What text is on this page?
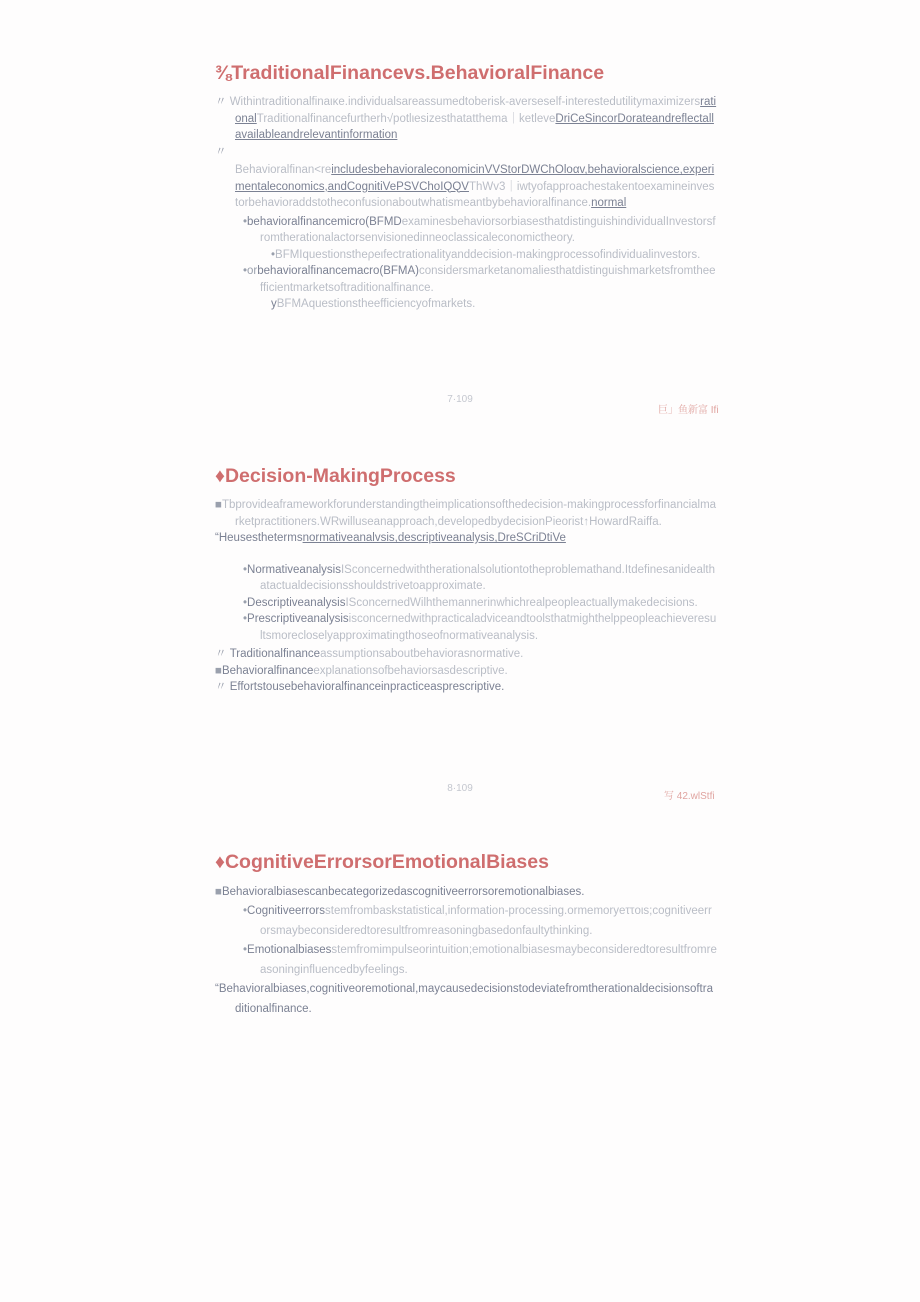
⅜TraditionalFinancevs.BehavioralFinance

〃 Withintraditionalfinaικe.individualsareassumedtoberisk-averseself-interestedutilitymaximizersrationalTraditionalfinancefurtherh√potlιesizesthatatthema｜ketleveDriCeSincorDorateandreflectallavailableandrelevantinformation

〃

Behavioralfinan<reincludesbehavioraleconomicinVVStorDWChOloαv,behavioralscience,experimentaleconomics,andCognitiVePSVChoIQQVThWv3｜iwtyofapproachestakentoexamineinvestorbehavioraddstotheconfusionaboutwhatismeantbybehavioralfinance.normal

•behavioralfinancemicro(BFMDexaminesbehaviorsorbiasesthatdistinguishindividualInvestorsfromtherationalactorsenvisionedinneoclassicaleconomictheory.

•BFMIquestionstheρeιfectrationalityanddecision-makingprocessofindividualinvestors.

•orbehavioralfinancemacro(BFMA)considersmarketanomaliesthatdistinguishmarketsfromtheefficientmarketsoftraditionalfinance.

yBFMAquestionstheefficiencyofmarkets.

7·109
巨」鱼新富 Ifi
♦Decision-MakingProcess

■Tbprovideaframeworkforunderstandingtheimplicationsofthedecision-makingprocessforfinancialmarketpractitioners.WRwilluseanapproach,developedbydecisionPieorist↑HowardRaiffa.

“Heusesthetermsnormativeanalvsis,descriptiveanalysis,DreSCriDtiVe

•NormativeanalysisISconcernedwiththerationalsolutiontotheproblemathand.Itdefinesanidealthatactualdecisionsshouldstrivetoapproximate.

•DescriptiveanalysisISconcernedWilhthemannerinwhichrealpeopleactuallymakedecisions.

•Prescriptiveanalysisisconcernedwithpracticaladviceandtoolsthatmighthelppeopleachieveresultsmorecloselyapproximatingthoseofnormativeanalysis.

〃 Traditionalfinanceassumptionsaboutbehaviorasnormative.

■Behavioralfinanceexplanationsofbehaviorsasdescriptive.

〃 Effortstousebehavioralfinanceinpracticeasprescriptive.

8·109
写 42.wlStfi
♦CognitiveErrorsorEmotionalBiases

■Behavioralbiasescanbecategorizedascognitiveerrorsoremotionalbiases.

•Cognitiveerrorsstemfrombaskstatistical,information-processing.ormemoryeττoιs;cognitiveerrorsmaybeconsideredtoresultfromreasoningbasedonfaultythinking.

•Emotionalbiasesstemfromimpulseorintuition;emotionalbiasesmaybeconsideredtoresultfromreasoninginfluencedbyfeelings.

“Behavioralbiases,cognitiveoremotional,maycausedecisionstodeviatefromtherationaldecisionsoftraditionalfinance.
